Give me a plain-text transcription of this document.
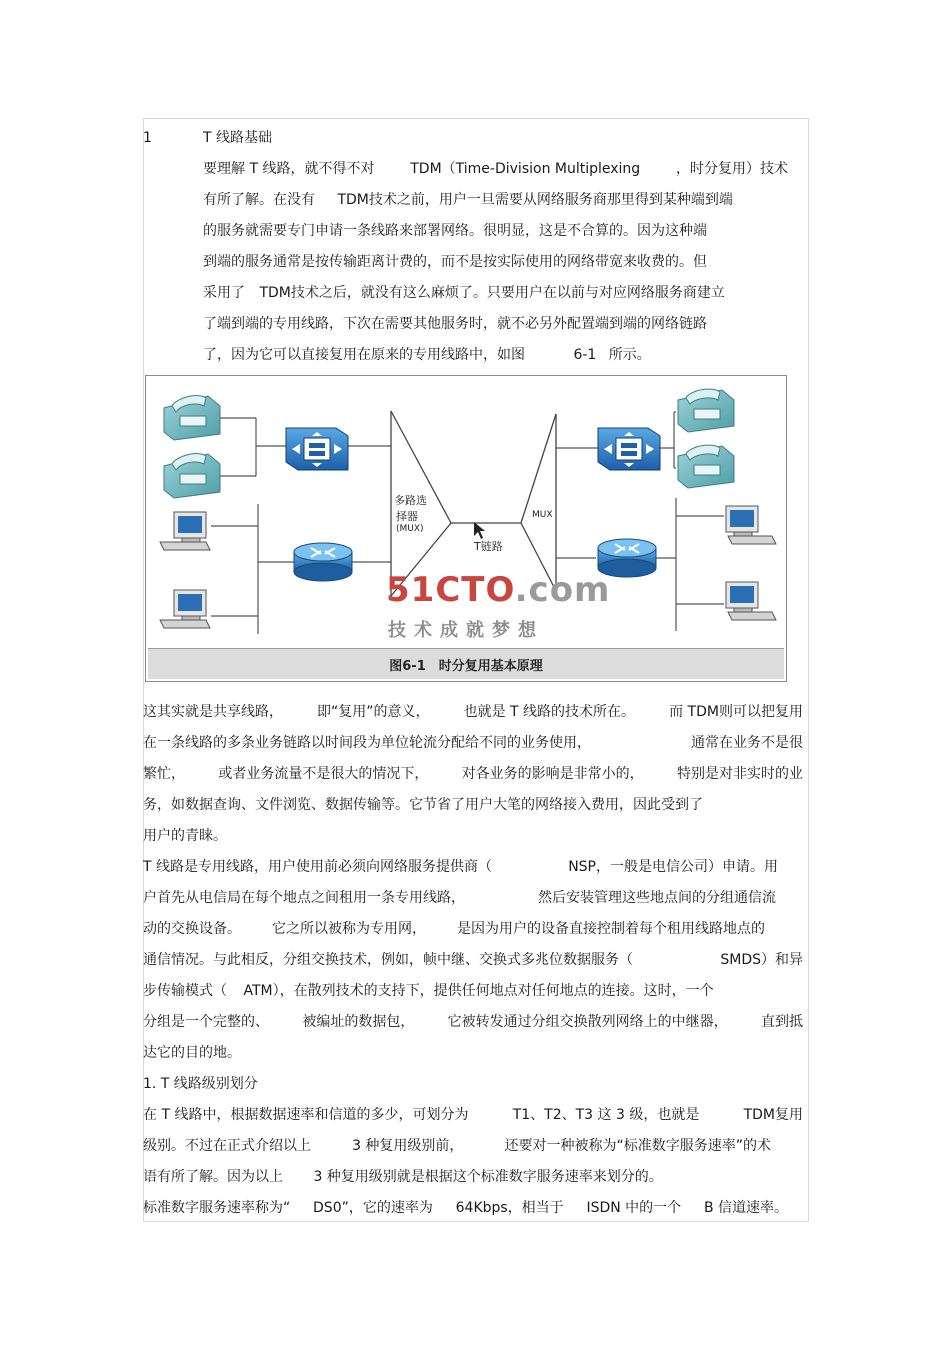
1	T 线路基础
要理解 T 线路，就不得不对	TDM（Time-Division Multiplexing	，时分复用）技术
有所了解。在没有 TDM技术之前，用户一旦需要从网络服务商那里得到某种端到端
的服务就需要专门申请一条线路来部署网络。很明显，这是不合算的。因为这种端
到端的服务通常是按传输距离计费的，而不是按实际使用的网络带宽来收费的。但
采用了 TDM技术之后，就没有这么麻烦了。只要用户在以前与对应网络服务商建立
了端到端的专用线路，下次在需要其他服务时，就不必另外配置端到端的网络链路
了，因为它可以直接复用在原来的专用线路中，如图	6-1 所示。
多路选
择器
(MUX)
MUX
T链路
51CTO.com
技术成就梦想
图6-1　时分复用基本原理
这其实就是共享线路， 即“复用”的意义， 也就是 T 线路的技术所在。 而 TDM则可以把复用
在一条线路的多条业务链路以时间段为单位轮流分配给不同的业务使用，	通常在业务不是很
繁忙， 或者业务流量不是很大的情况下， 对各业务的影响是非常小的， 特别是对非实时的业
务，如数据查询、文件浏览、数据传输等。它节省了用户大笔的网络接入费用，因此受到了
用户的青睐。
T 线路是专用线路，用户使用前必须向网络服务提供商（	NSP，一般是电信公司）申请。用
户首先从电信局在每个地点之间租用一条专用线路，	然后安装管理这些地点间的分组通信流
动的交换设备。 它之所以被称为专用网， 是因为用户的设备直接控制着每个租用线路地点的
通信情况。与此相反，分组交换技术，例如，帧中继、交换式多兆位数据服务（	SMDS）和异
步传输模式（ ATM），在散列技术的支持下，提供任何地点对任何地点的连接。这时，一个
分组是一个完整的、 被编址的数据包， 它被转发通过分组交换散列网络上的中继器， 直到抵
达它的目的地。
1. T 线路级别划分
在 T 线路中，根据数据速率和信道的多少，可划分为	T1、T2、T3 这 3 级，也就是	TDM复用
级别。不过在正式介绍以上	3 种复用级别前，	还要对一种被称为“标准数字服务速率”的术
语有所了解。因为以上 3 种复用级别就是根据这个标准数字服务速率来划分的。
标准数字服务速率称为“ DS0”，它的速率为 64Kbps，相当于 ISDN 中的一个 B 信道速率。
